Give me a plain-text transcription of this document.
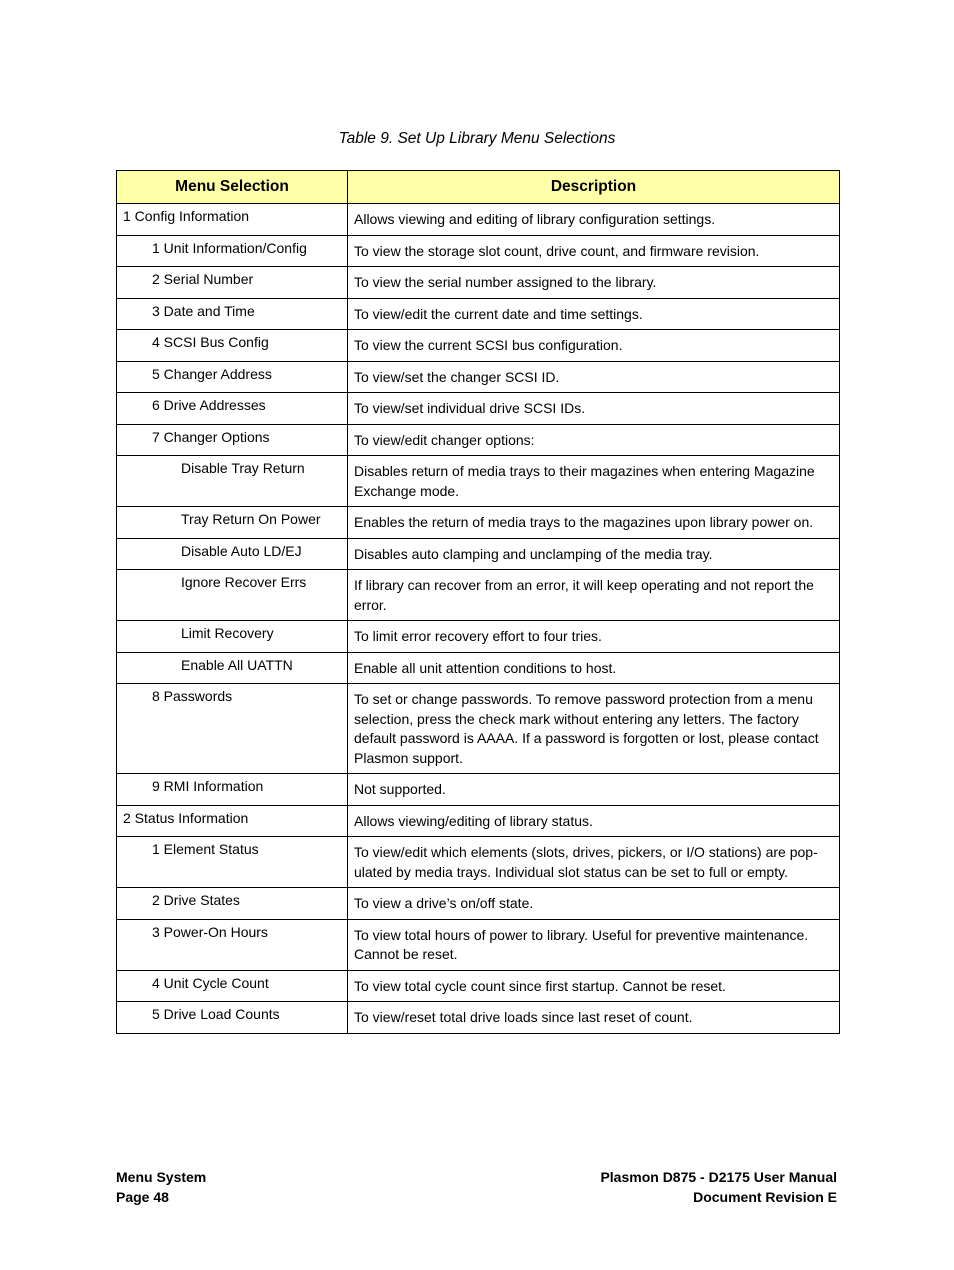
Table 9. Set Up Library Menu Selections
Menu Selection	Description
1 Config Information	Allows viewing and editing of library configuration settings.
1 Unit Information/Config	To view the storage slot count, drive count, and firmware revision.
2 Serial Number	To view the serial number assigned to the library.
3 Date and Time	To view/edit the current date and time settings.
4 SCSI Bus Config	To view the current SCSI bus configuration.
5 Changer Address	To view/set the changer SCSI ID.
6 Drive Addresses	To view/set individual drive SCSI IDs.
7 Changer Options	To view/edit changer options:
Disable Tray Return	Disables return of media trays to their magazines when entering Magazine Exchange mode.
Tray Return On Power	Enables the return of media trays to the magazines upon library power on.
Disable Auto LD/EJ	Disables auto clamping and unclamping of the media tray.
Ignore Recover Errs	If library can recover from an error, it will keep operating and not report the error.
Limit Recovery	To limit error recovery effort to four tries.
Enable All UATTN	Enable all unit attention conditions to host.
8 Passwords	To set or change passwords. To remove password protection from a menu selection, press the check mark without entering any letters. The factory default password is AAAA. If a password is forgotten or lost, please contact Plasmon support.
9 RMI Information	Not supported.
2 Status Information	Allows viewing/editing of library status.
1 Element Status	To view/edit which elements (slots, drives, pickers, or I/O stations) are pop-ulated by media trays. Individual slot status can be set to full or empty.
2 Drive States	To view a drive’s on/off state.
3 Power-On Hours	To view total hours of power to library. Useful for preventive maintenance. Cannot be reset.
4 Unit Cycle Count	To view total cycle count since first startup. Cannot be reset.
5 Drive Load Counts	To view/reset total drive loads since last reset of count.
Menu System
Page 48
Plasmon D875 - D2175 User Manual
Document Revision E
